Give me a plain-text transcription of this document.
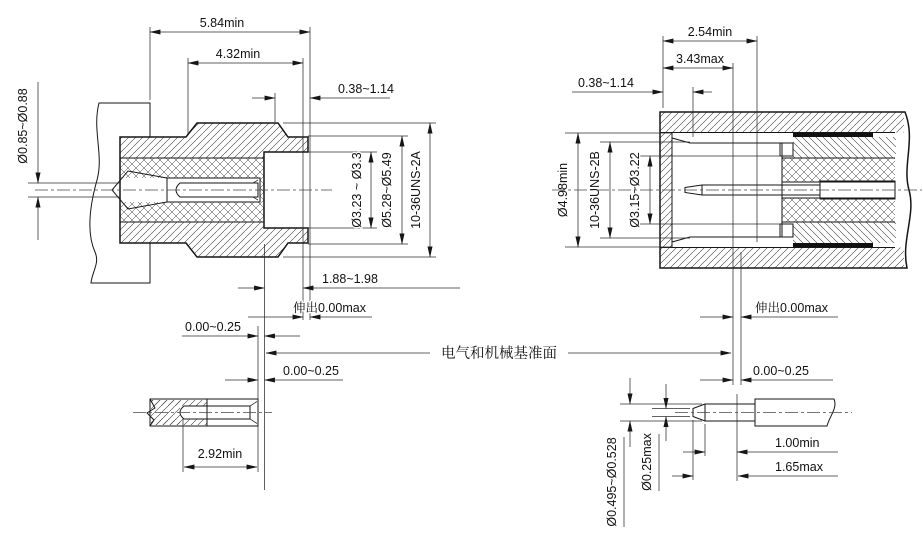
5.84min
4.32min
0.38~1.14
Ø0.85~Ø0.88
Ø3.23 ~ Ø3.3 Ø5.28~Ø5.49 10-36UNS-2A
1.88~1.98
伸出0.00max
0.00~0.25
0.00~0.25
2.92min
电气和机械基准面
2.54min
3.43max
0.38~1.14
Ø4.98min 10-36UNS-2B Ø3.15~Ø3.22
伸出0.00max
0.00~0.25
1.00min
1.65max
Ø0.495~Ø0.528 Ø0.25max
